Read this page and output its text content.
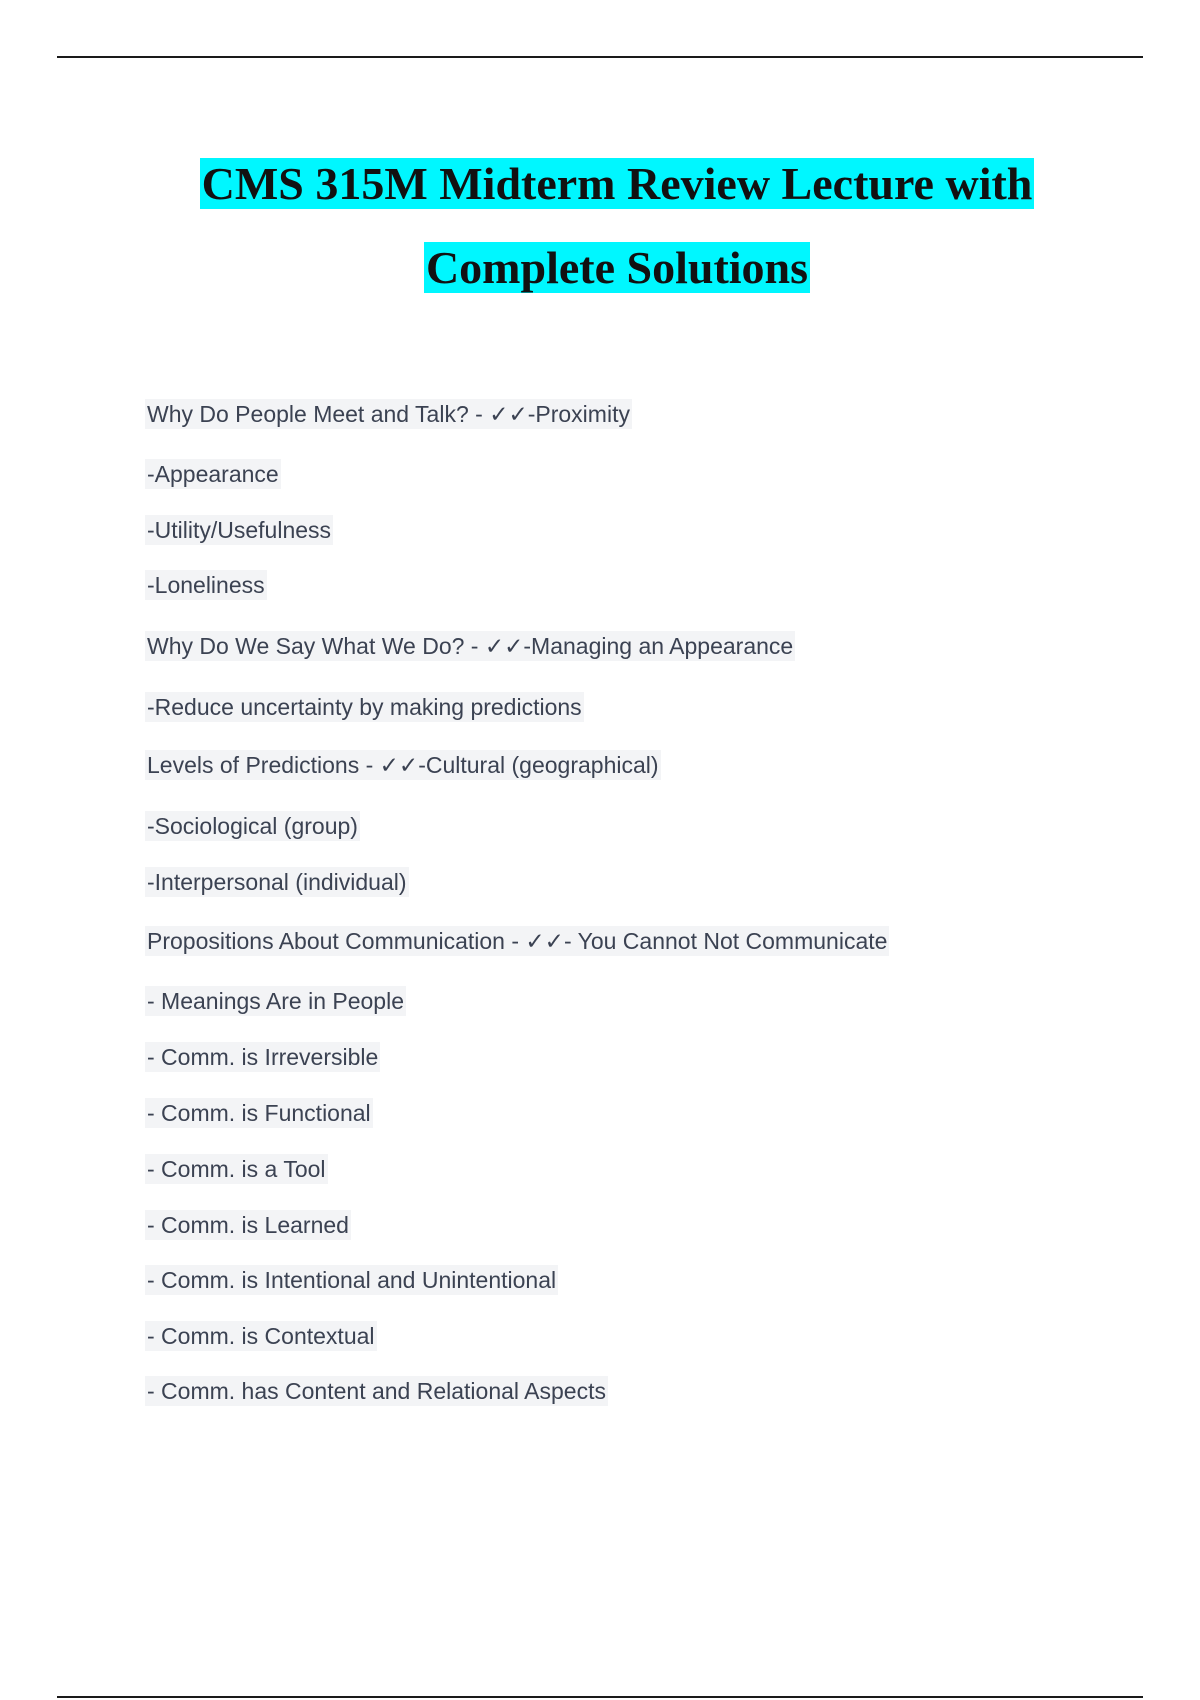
CMS 315M Midterm Review Lecture with
Complete Solutions
Why Do People Meet and Talk? - ✓✓-Proximity
-Appearance
-Utility/Usefulness
-Loneliness
Why Do We Say What We Do? - ✓✓-Managing an Appearance
-Reduce uncertainty by making predictions
Levels of Predictions - ✓✓-Cultural (geographical)
-Sociological (group)
-Interpersonal (individual)
Propositions About Communication - ✓✓- You Cannot Not Communicate
- Meanings Are in People
- Comm. is Irreversible
- Comm. is Functional
- Comm. is a Tool
- Comm. is Learned
- Comm. is Intentional and Unintentional
- Comm. is Contextual
- Comm. has Content and Relational Aspects
